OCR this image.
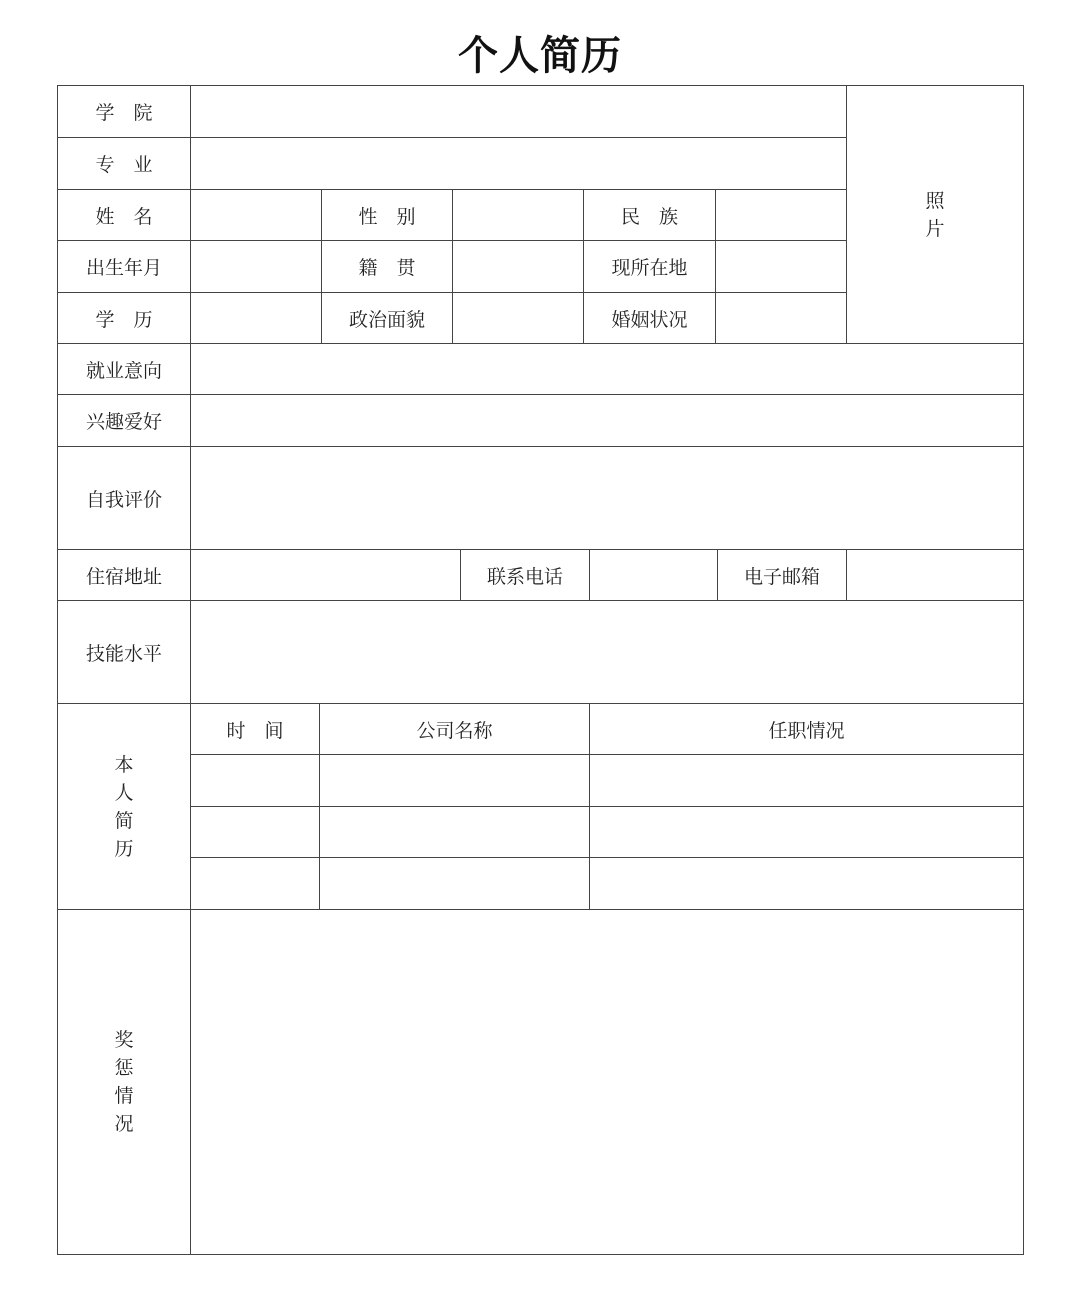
个人简历
学　院
照
片
专　业
姓　名	性　别	民　族
出生年月	籍　贯	现所在地
学　历	政治面貌	婚姻状况
就业意向
兴趣爱好
自我评价
住宿地址	联系电话	电子邮箱
技能水平
本
人
简
历
时　间	公司名称	任职情况
奖
惩
情
况
